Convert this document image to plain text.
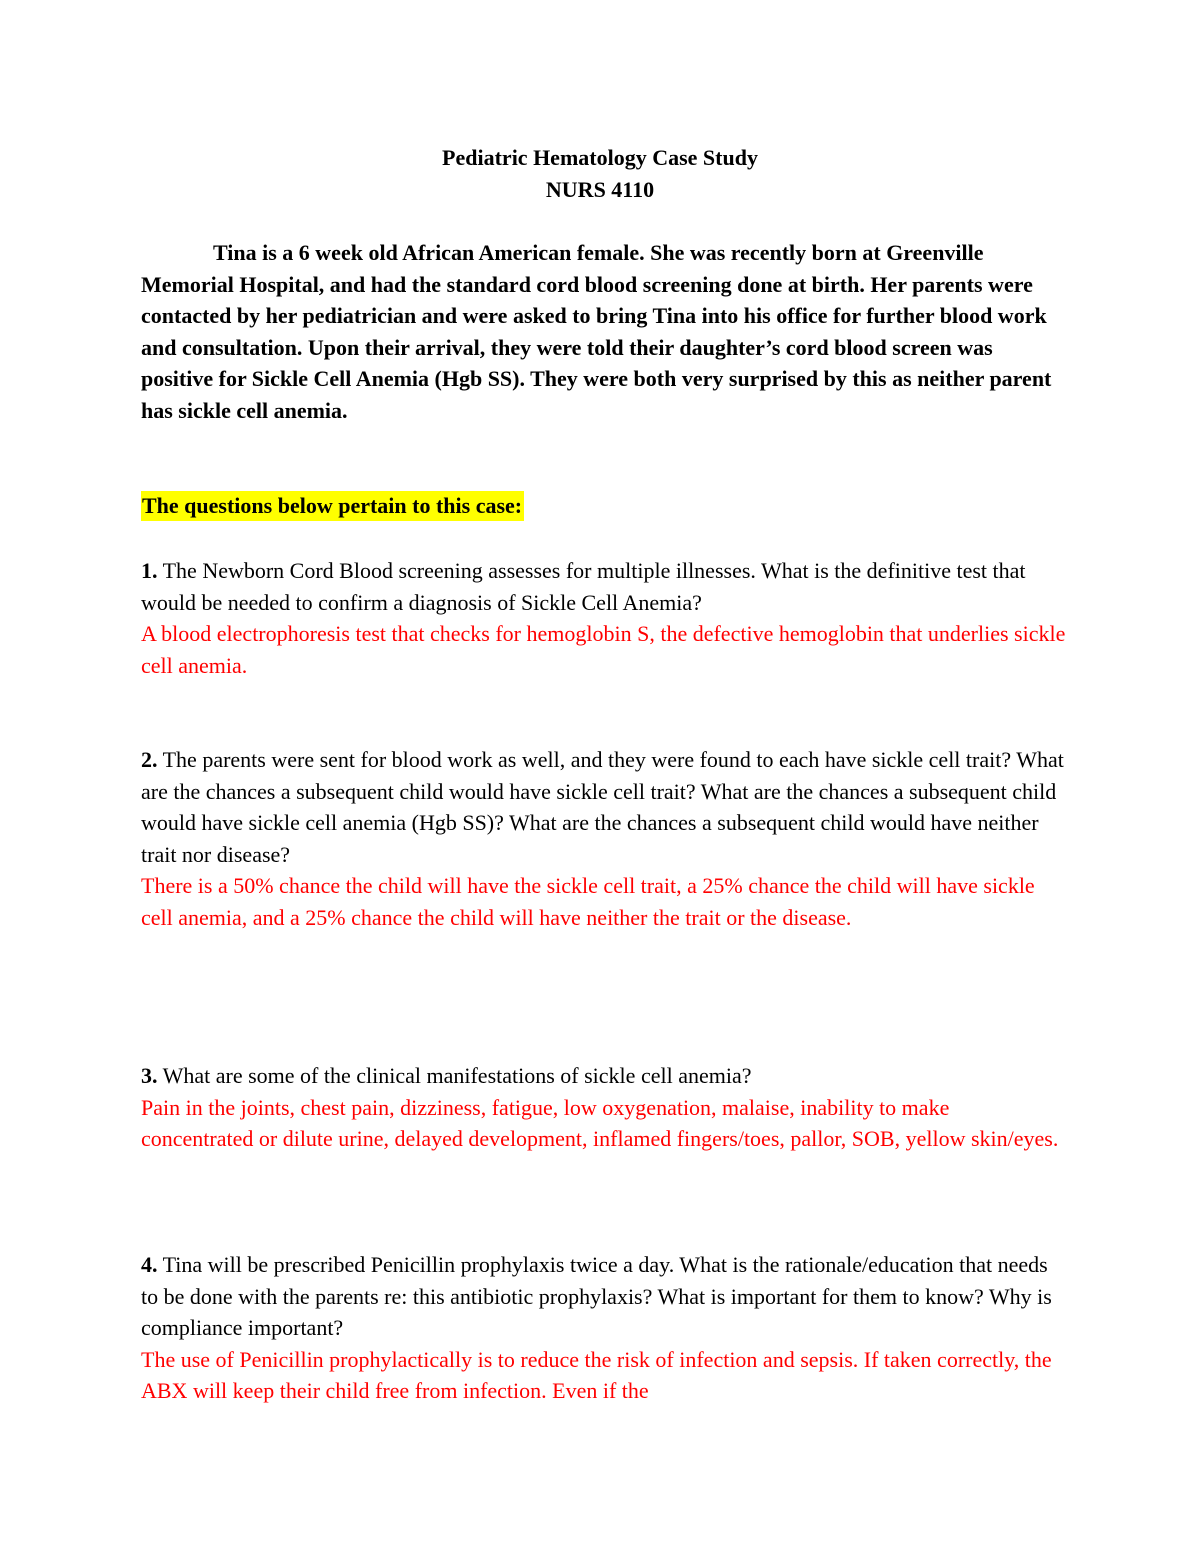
Pediatric Hematology Case Study
NURS 4110

Tina is a 6 week old African American female. She was recently born at Greenville Memorial Hospital, and had the standard cord blood screening done at birth. Her parents were contacted by her pediatrician and were asked to bring Tina into his office for further blood work and consultation. Upon their arrival, they were told their daughter’s cord blood screen was positive for Sickle Cell Anemia (Hgb SS). They were both very surprised by this as neither parent has sickle cell anemia.

The questions below pertain to this case:

1. The Newborn Cord Blood screening assesses for multiple illnesses. What is the definitive test that would be needed to confirm a diagnosis of Sickle Cell Anemia?

A blood electrophoresis test that checks for hemoglobin S, the defective hemoglobin that underlies sickle cell anemia.

2. The parents were sent for blood work as well, and they were found to each have sickle cell trait? What are the chances a subsequent child would have sickle cell trait? What are the chances a subsequent child would have sickle cell anemia (Hgb SS)? What are the chances a subsequent child would have neither trait nor disease?

There is a 50% chance the child will have the sickle cell trait, a 25% chance the child will have sickle cell anemia, and a 25% chance the child will have neither the trait or the disease.

3. What are some of the clinical manifestations of sickle cell anemia?

Pain in the joints, chest pain, dizziness, fatigue, low oxygenation, malaise, inability to make concentrated or dilute urine, delayed development, inflamed fingers/toes, pallor, SOB, yellow skin/eyes.

4. Tina will be prescribed Penicillin prophylaxis twice a day. What is the rationale/education that needs to be done with the parents re: this antibiotic prophylaxis? What is important for them to know? Why is compliance important?

The use of Penicillin prophylactically is to reduce the risk of infection and sepsis. If taken correctly, the ABX will keep their child free from infection. Even if the
